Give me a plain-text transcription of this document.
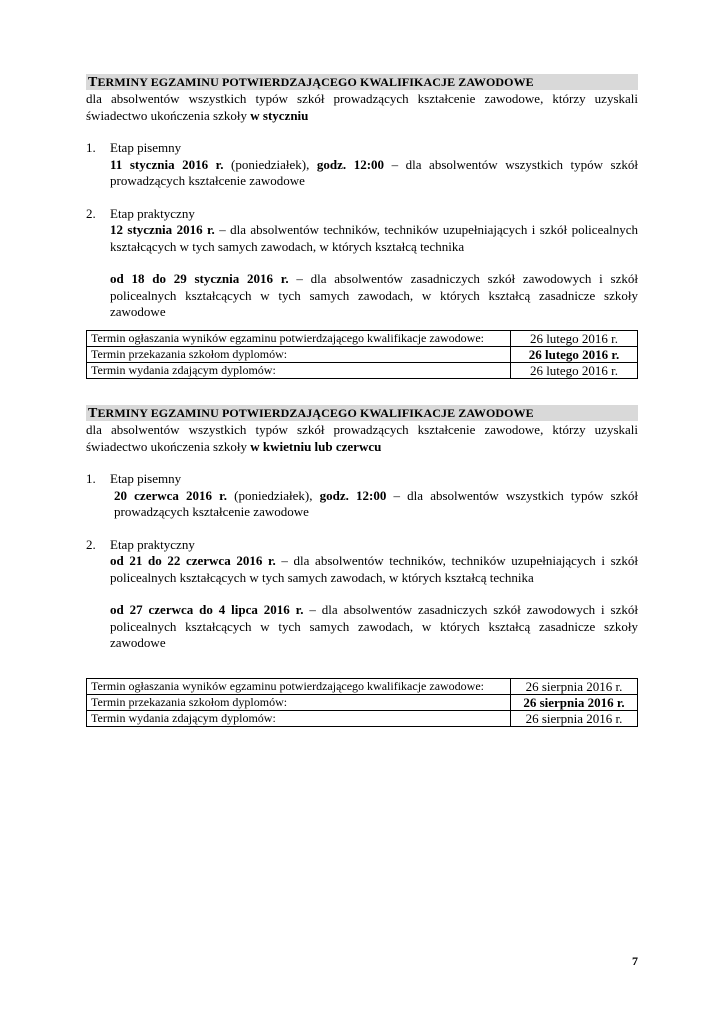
TERMINY EGZAMINU POTWIERDZAJĄCEGO KWALIFIKACJE ZAWODOWE
dla absolwentów wszystkich typów szkół prowadzących kształcenie zawodowe, którzy uzyskali świadectwo ukończenia szkoły w styczniu
1. Etap pisemny

11 stycznia 2016 r. (poniedziałek), godz. 12:00 – dla absolwentów wszystkich typów szkół prowadzących kształcenie zawodowe

2. Etap praktyczny

12 stycznia 2016 r. – dla absolwentów techników, techników uzupełniających i szkół policealnych kształcących w tych samych zawodach, w których kształcą technika

od 18 do 29 stycznia 2016 r. – dla absolwentów zasadniczych szkół zawodowych i szkół policealnych kształcących w tych samych zawodach, w których kształcą zasadnicze szkoły zawodowe

Termin ogłaszania wyników egzaminu potwierdzającego kwalifikacje zawodowe:	26 lutego 2016 r.
Termin przekazania szkołom dyplomów:	26 lutego 2016 r.
Termin wydania zdającym dyplomów:	26 lutego 2016 r.
TERMINY EGZAMINU POTWIERDZAJĄCEGO KWALIFIKACJE ZAWODOWE
dla absolwentów wszystkich typów szkół prowadzących kształcenie zawodowe, którzy uzyskali świadectwo ukończenia szkoły w kwietniu lub czerwcu
1. Etap pisemny

20 czerwca 2016 r. (poniedziałek), godz. 12:00 – dla absolwentów wszystkich typów szkół prowadzących kształcenie zawodowe

2. Etap praktyczny

od 21 do 22 czerwca 2016 r. – dla absolwentów techników, techników uzupełniających i szkół policealnych kształcących w tych samych zawodach, w których kształcą technika

od 27 czerwca do 4 lipca 2016 r. – dla absolwentów zasadniczych szkół zawodowych i szkół policealnych kształcących w tych samych zawodach, w których kształcą zasadnicze szkoły zawodowe

Termin ogłaszania wyników egzaminu potwierdzającego kwalifikacje zawodowe:	26 sierpnia 2016 r.
Termin przekazania szkołom dyplomów:	26 sierpnia 2016 r.
Termin wydania zdającym dyplomów:	26 sierpnia 2016 r.
7
